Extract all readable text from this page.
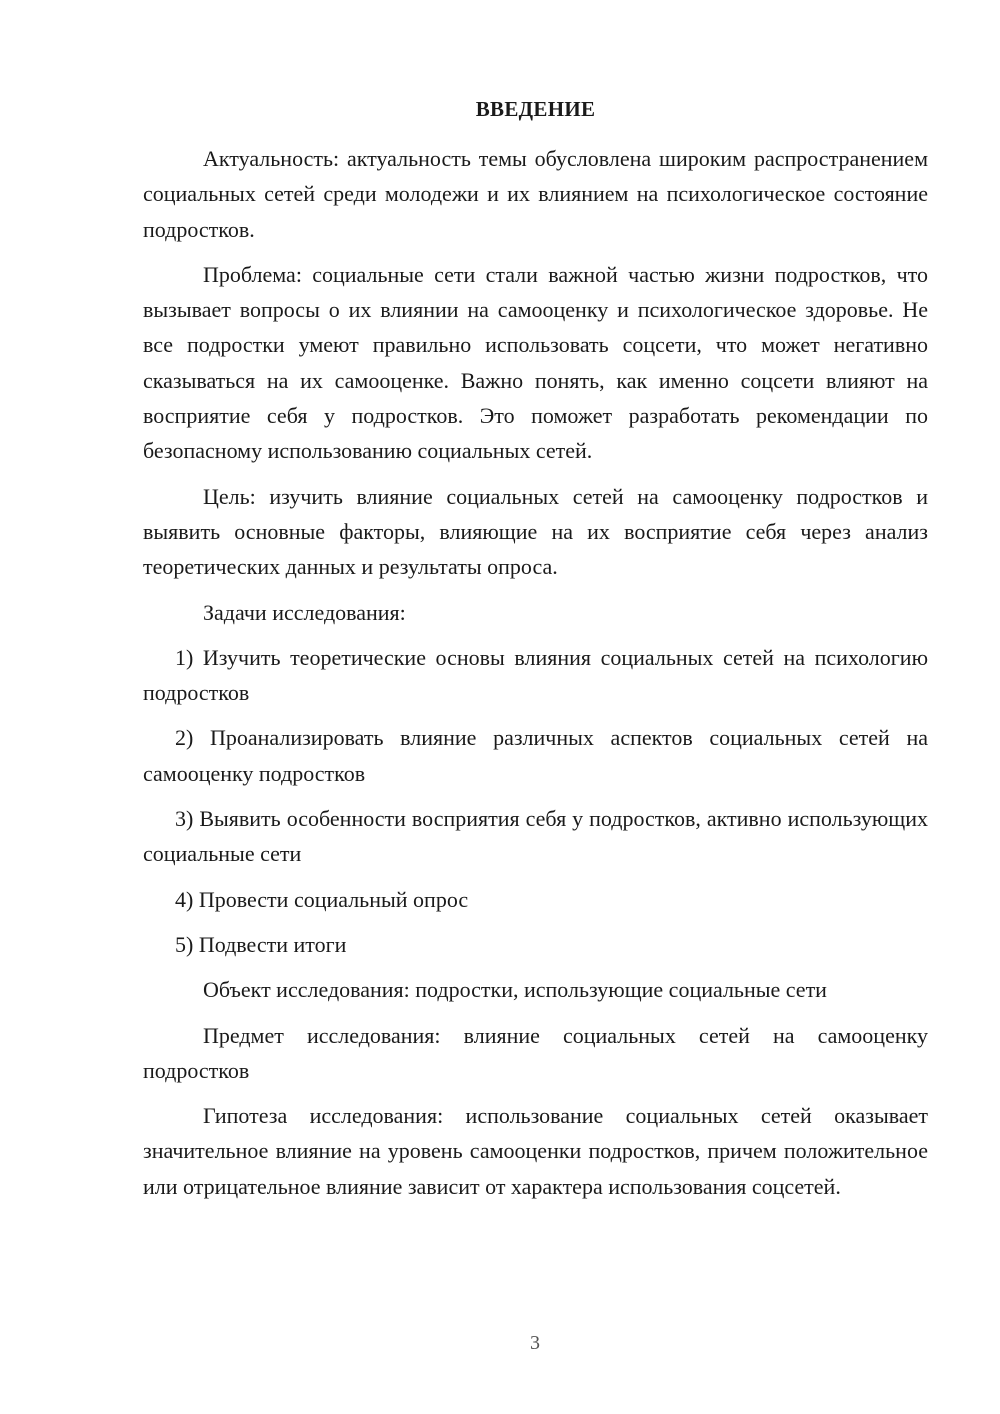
ВВЕДЕНИЕ

Актуальность: актуальность темы обусловлена широким распространением социальных сетей среди молодежи и их влиянием на психологическое состояние подростков.

Проблема: социальные сети стали важной частью жизни подростков, что вызывает вопросы о их влиянии на самооценку и психологическое здоровье. Не все подростки умеют правильно использовать соцсети, что может негативно сказываться на их самооценке. Важно понять, как именно соцсети влияют на восприятие себя у подростков. Это поможет разработать рекомендации по безопасному использованию социальных сетей.

Цель: изучить влияние социальных сетей на самооценку подростков и выявить основные факторы, влияющие на их восприятие себя через анализ теоретических данных и результаты опроса.

Задачи исследования:

1) Изучить теоретические основы влияния социальных сетей на психологию подростков

2) Проанализировать влияние различных аспектов социальных сетей на самооценку подростков

3) Выявить особенности восприятия себя у подростков, активно использующих социальные сети

4) Провести социальный опрос

5) Подвести итоги

Объект исследования: подростки, использующие социальные сети

Предмет исследования: влияние социальных сетей на самооценку подростков

Гипотеза исследования: использование социальных сетей оказывает значительное влияние на уровень самооценки подростков, причем положительное или отрицательное влияние зависит от характера использования соцсетей.

3
